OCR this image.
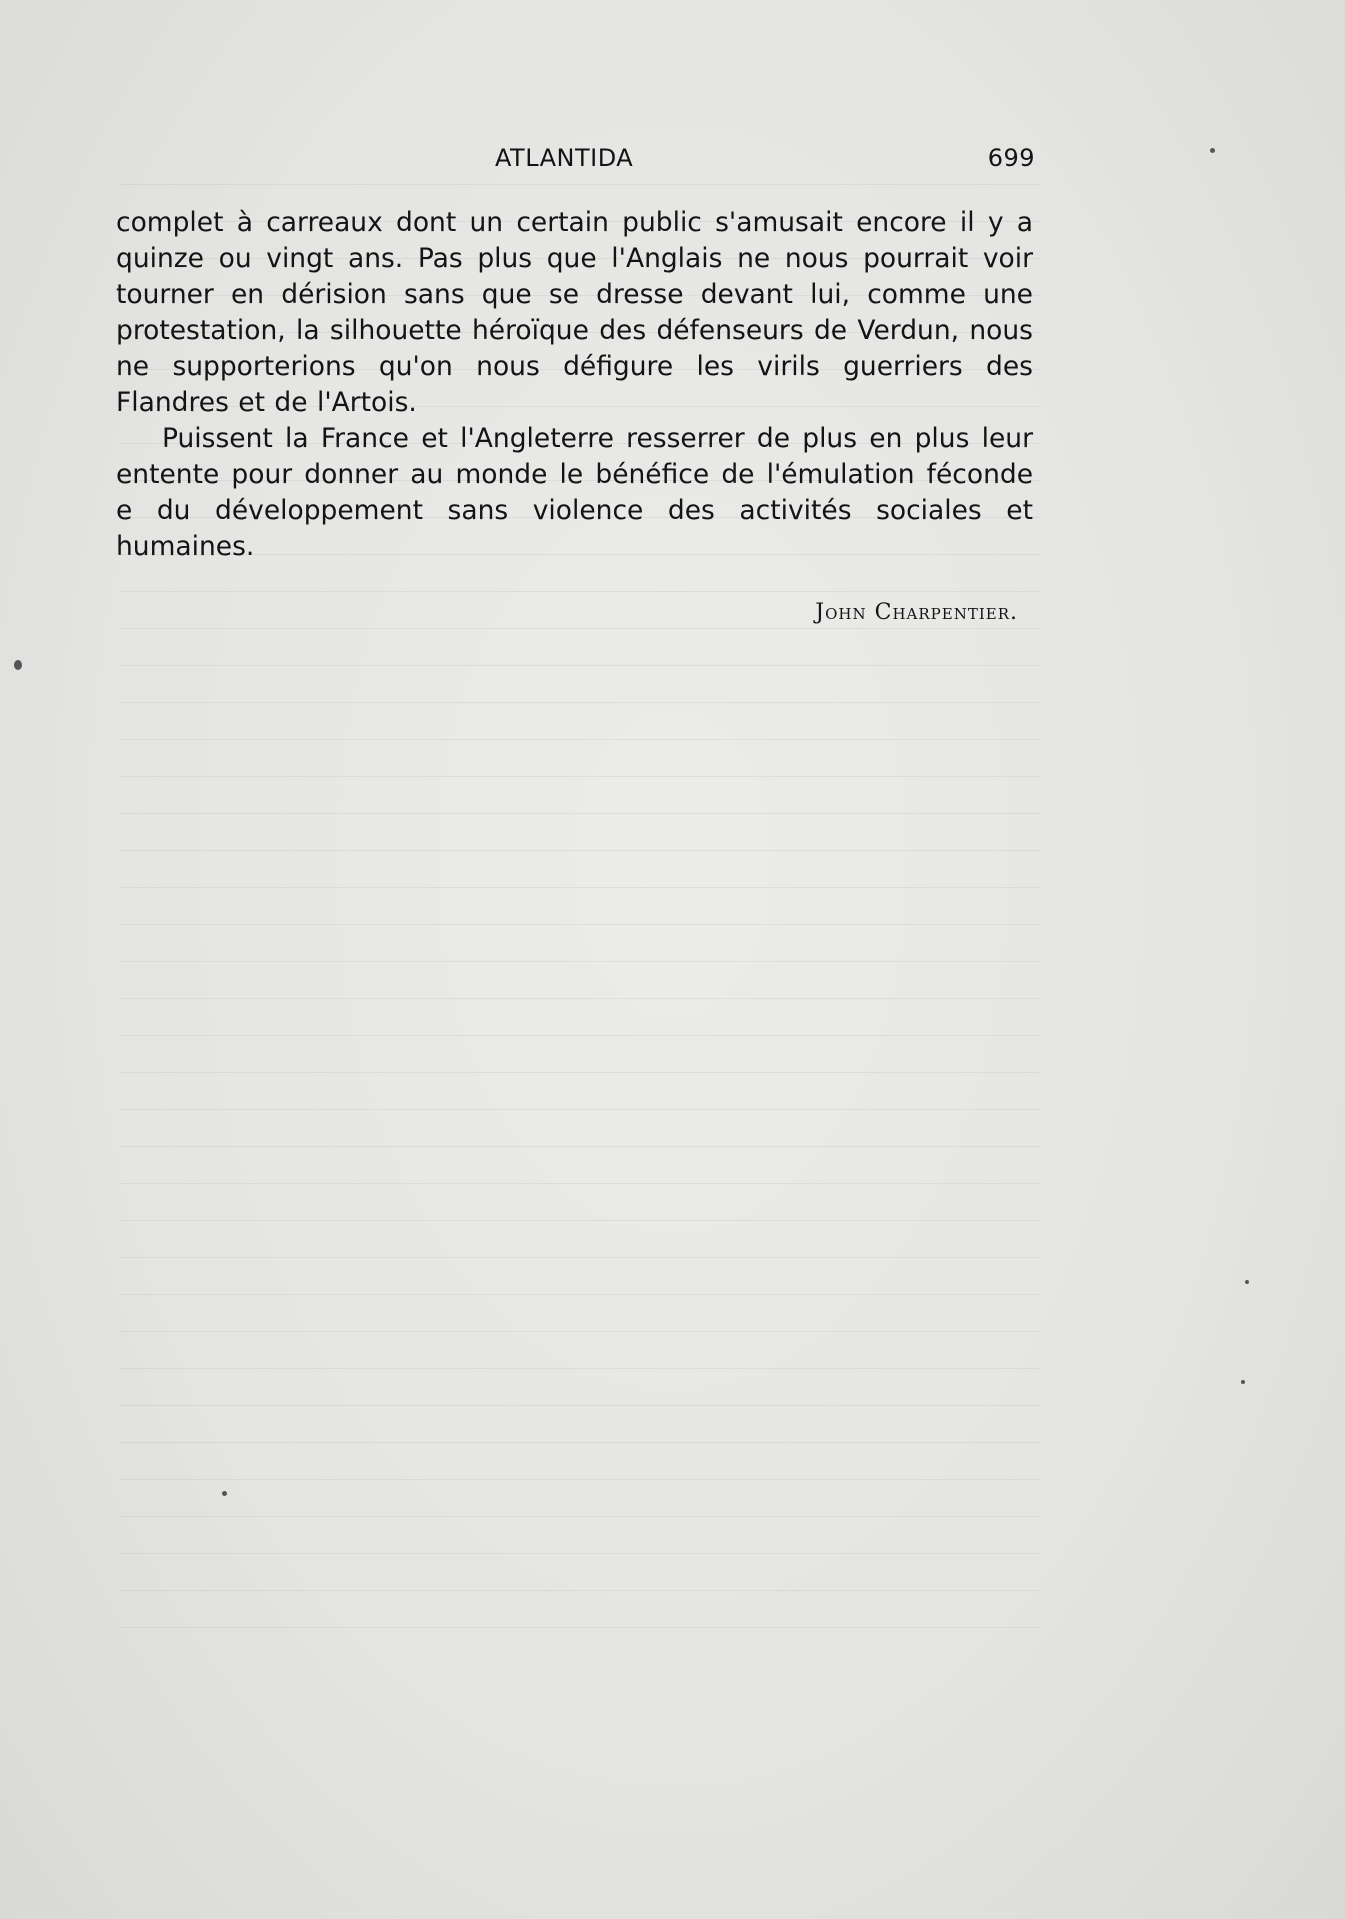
ATLANTIDA	699

complet à carreaux dont un certain public s'amusait encore il y a quinze ou vingt ans. Pas plus que l'Anglais ne nous pourrait voir tourner en dérision sans que se dresse devant lui, comme une protestation, la silhouette héroïque des défenseurs de Verdun, nous ne supporterions qu'on nous défigure les virils guerriers des Flandres et de l'Artois.

Puissent la France et l'Angleterre resserrer de plus en plus leur entente pour donner au monde le bénéfice de l'émulation féconde e du développement sans violence des activités sociales et humaines.

John Charpentier.
